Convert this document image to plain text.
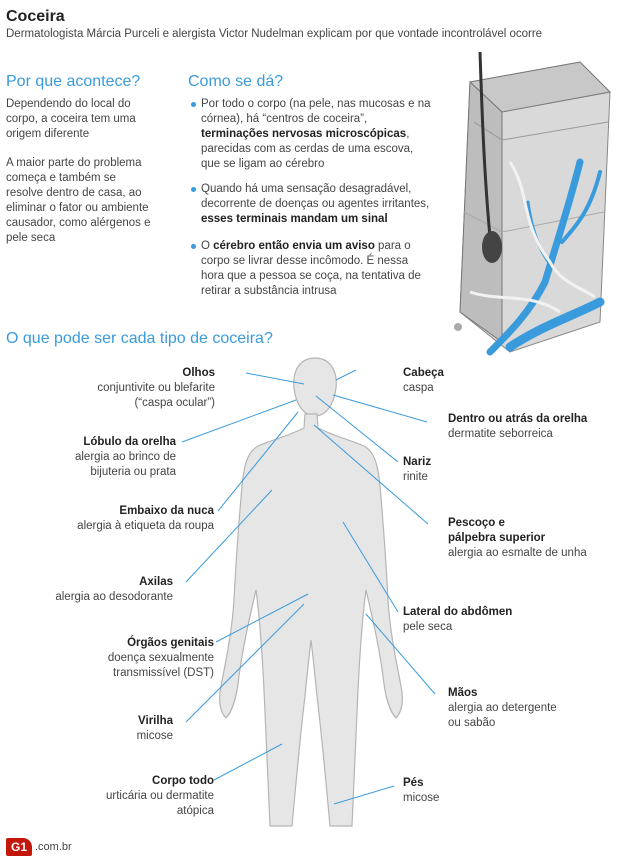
Coceira
Dermatologista Márcia Purceli e alergista Victor Nudelman explicam por que vontade incontrolável ocorre
Por que acontece?
Dependendo do local do corpo, a coceira tem uma origem diferente
A maior parte do problema começa e também se resolve dentro de casa, ao eliminar o fator ou ambiente causador, como alérgenos e pele seca
Como se dá?
Por todo o corpo (na pele, nas mucosas e na córnea), há “centros de coceira”, terminações nervosas microscópicas, parecidas com as cerdas de uma escova, que se ligam ao cérebro
Quando há uma sensação desagradável, decorrente de doenças ou agentes irritantes, esses terminais mandam um sinal
O cérebro então envia um aviso para o corpo se livrar desse incômodo. É nessa hora que a pessoa se coça, na tentativa de retirar a substância intrusa
O que pode ser cada tipo de coceira?
Olhos
conjuntivite ou blefarite
(“caspa ocular”)
Lóbulo da orelha
alergia ao brinco de
bijuteria ou prata
Embaixo da nuca
alergia à etiqueta da roupa
Axilas
alergia ao desodorante
Órgãos genitais
doença sexualmente
transmissível (DST)
Virilha
micose
Corpo todo
urticária ou dermatite
atópica
Cabeça
caspa
Dentro ou atrás da orelha
dermatite seborreica
Nariz
rinite
Pescoço e
pálpebra superior
alergia ao esmalte de unha
Lateral do abdômen
pele seca
Mãos
alergia ao detergente
ou sabão
Pés
micose
G1 .com.br
